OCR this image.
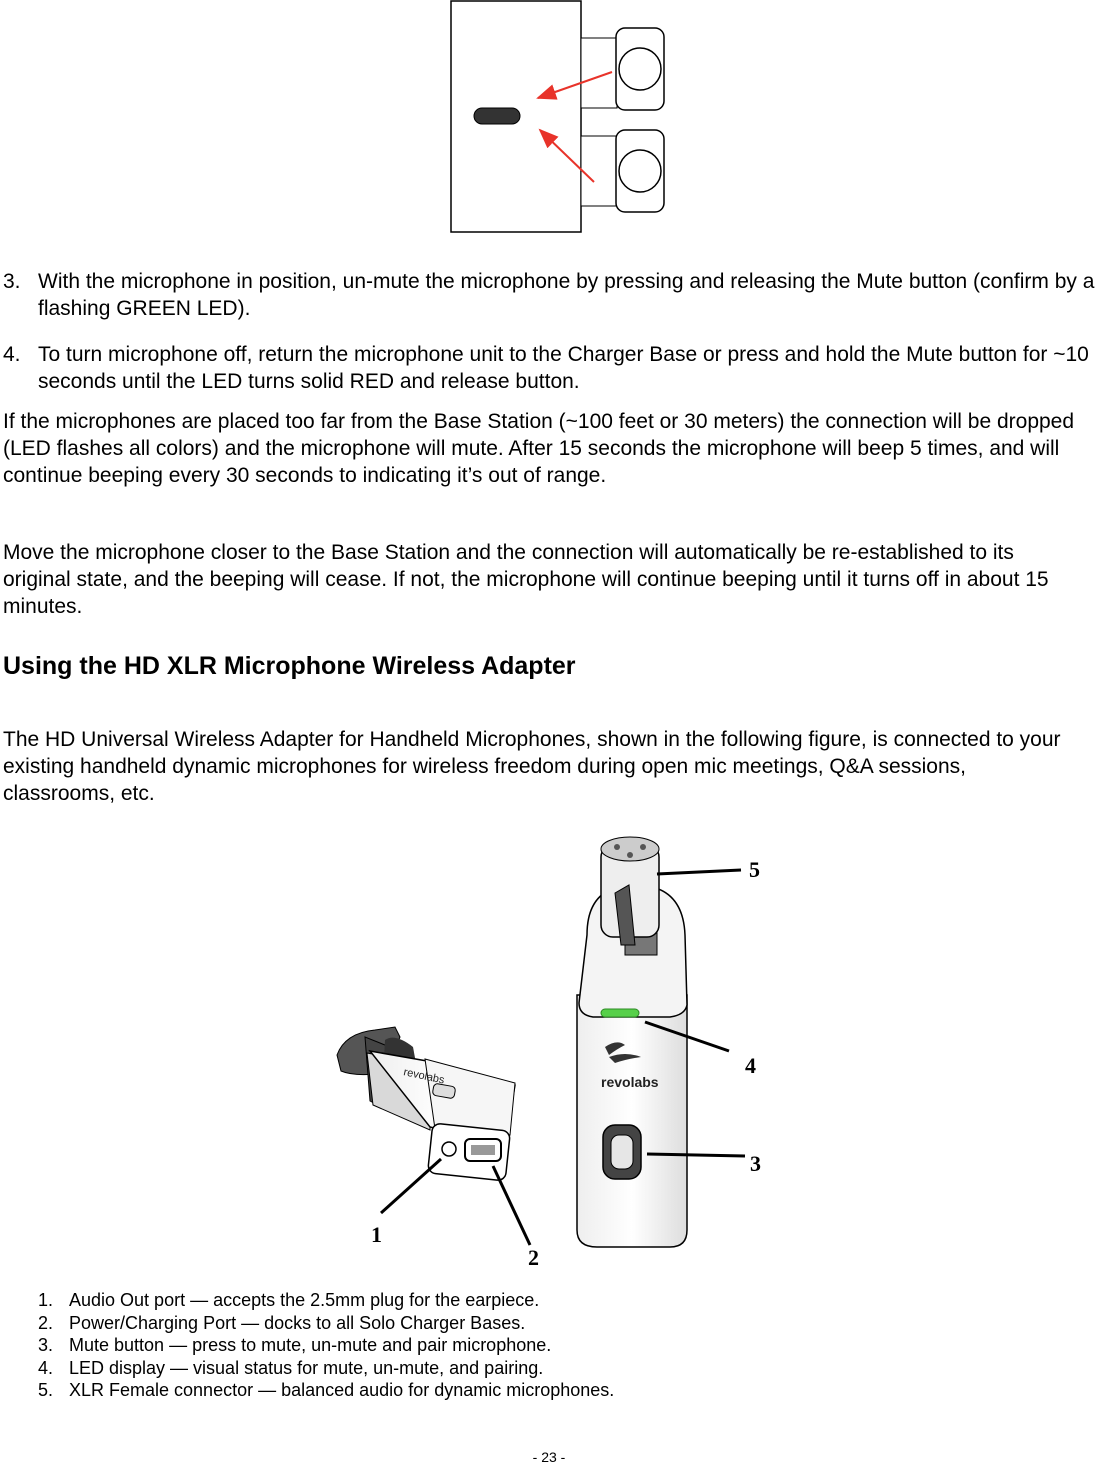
3. With the microphone in position, un-mute the microphone by pressing and releasing the Mute button (confirm by a flashing GREEN LED).

4. To turn microphone off, return the microphone unit to the Charger Base or press and hold the Mute button for ~10 seconds until the LED turns solid RED and release button.

If the microphones are placed too far from the Base Station (~100 feet or 30 meters) the connection will be dropped (LED flashes all colors) and the microphone will mute. After 15 seconds the microphone will beep 5 times, and will continue beeping every 30 seconds to indicating it’s out of range.

Move the microphone closer to the Base Station and the connection will automatically be re-established to its original state, and the beeping will cease. If not, the microphone will continue beeping until it turns off in about 15 minutes.

Using the HD XLR Microphone Wireless Adapter

The HD Universal Wireless Adapter for Handheld Microphones, shown in the following figure, is connected to your existing handheld dynamic microphones for wireless freedom during open mic meetings, Q&A sessions, classrooms, etc.

revolabs	revolabs
5
4
3
1
2
1. Audio Out port — accepts the 2.5mm plug for the earpiece.
2. Power/Charging Port — docks to all Solo Charger Bases.
3. Mute button — press to mute, un-mute and pair microphone.
4. LED display — visual status for mute, un-mute, and pairing.
5. XLR Female connector — balanced audio for dynamic microphones.
- 23 -
